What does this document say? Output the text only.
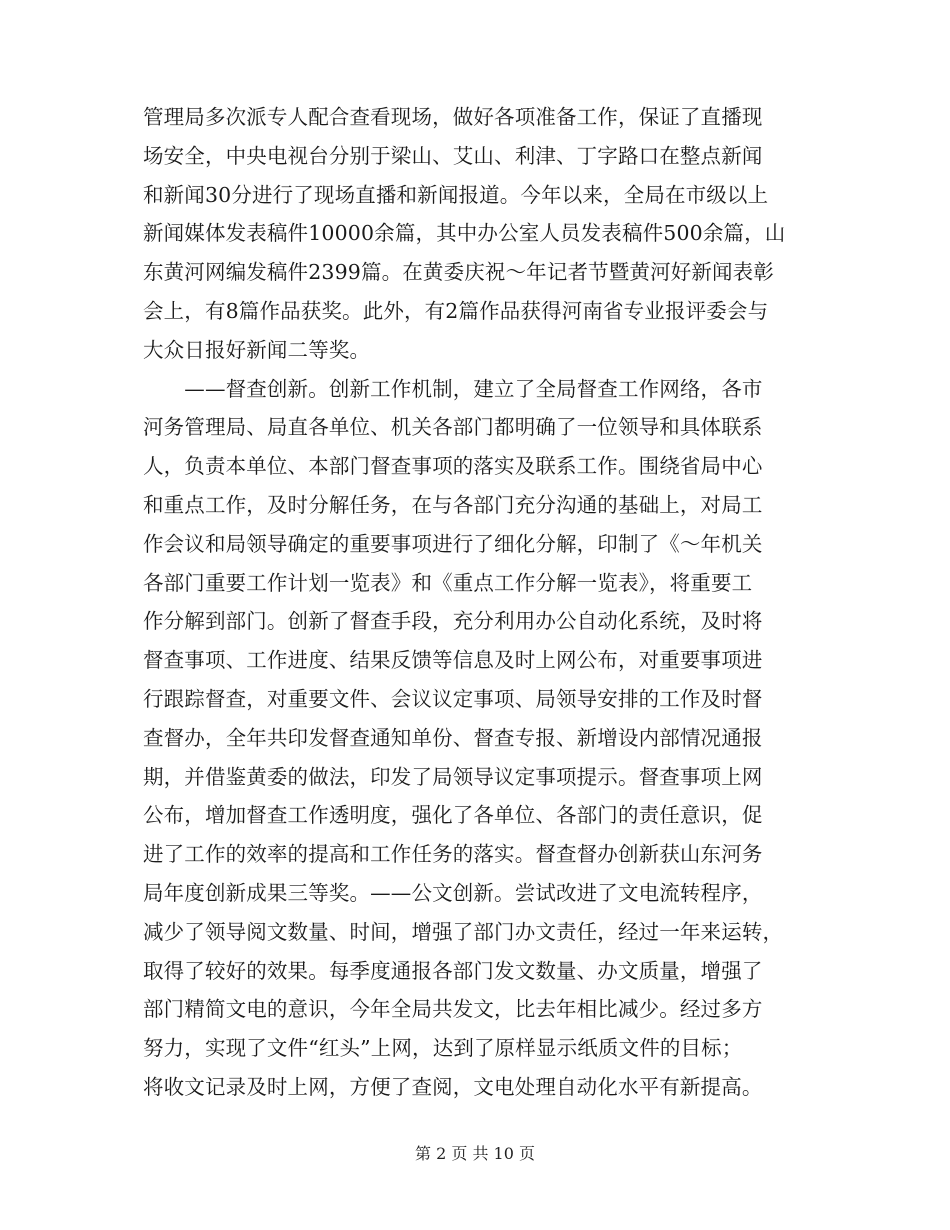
管理局多次派专人配合查看现场，做好各项准备工作，保证了直播现
场安全，中央电视台分别于梁山、艾山、利津、丁字路口在整点新闻
和新闻30分进行了现场直播和新闻报道。今年以来，全局在市级以上
新闻媒体发表稿件10000余篇，其中办公室人员发表稿件500余篇，山
东黄河网编发稿件2399篇。在黄委庆祝～年记者节暨黄河好新闻表彰
会上，有8篇作品获奖。此外，有2篇作品获得河南省专业报评委会与
大众日报好新闻二等奖。
　　——督查创新。创新工作机制，建立了全局督查工作网络，各市
河务管理局、局直各单位、机关各部门都明确了一位领导和具体联系
人，负责本单位、本部门督查事项的落实及联系工作。围绕省局中心
和重点工作，及时分解任务，在与各部门充分沟通的基础上，对局工
作会议和局领导确定的重要事项进行了细化分解，印制了《～年机关
各部门重要工作计划一览表》和《重点工作分解一览表》，将重要工
作分解到部门。创新了督查手段，充分利用办公自动化系统，及时将
督查事项、工作进度、结果反馈等信息及时上网公布，对重要事项进
行跟踪督查，对重要文件、会议议定事项、局领导安排的工作及时督
查督办，全年共印发督查通知单份、督查专报、新增设内部情况通报
期，并借鉴黄委的做法，印发了局领导议定事项提示。督查事项上网
公布，增加督查工作透明度，强化了各单位、各部门的责任意识，促
进了工作的效率的提高和工作任务的落实。督查督办创新获山东河务
局年度创新成果三等奖。——公文创新。尝试改进了文电流转程序，
减少了领导阅文数量、时间，增强了部门办文责任，经过一年来运转，
取得了较好的效果。每季度通报各部门发文数量、办文质量，增强了
部门精简文电的意识，今年全局共发文，比去年相比减少。经过多方
努力，实现了文件“红头”上网，达到了原样显示纸质文件的目标；
将收文记录及时上网，方便了查阅，文电处理自动化水平有新提高。
第 2 页 共 10 页
